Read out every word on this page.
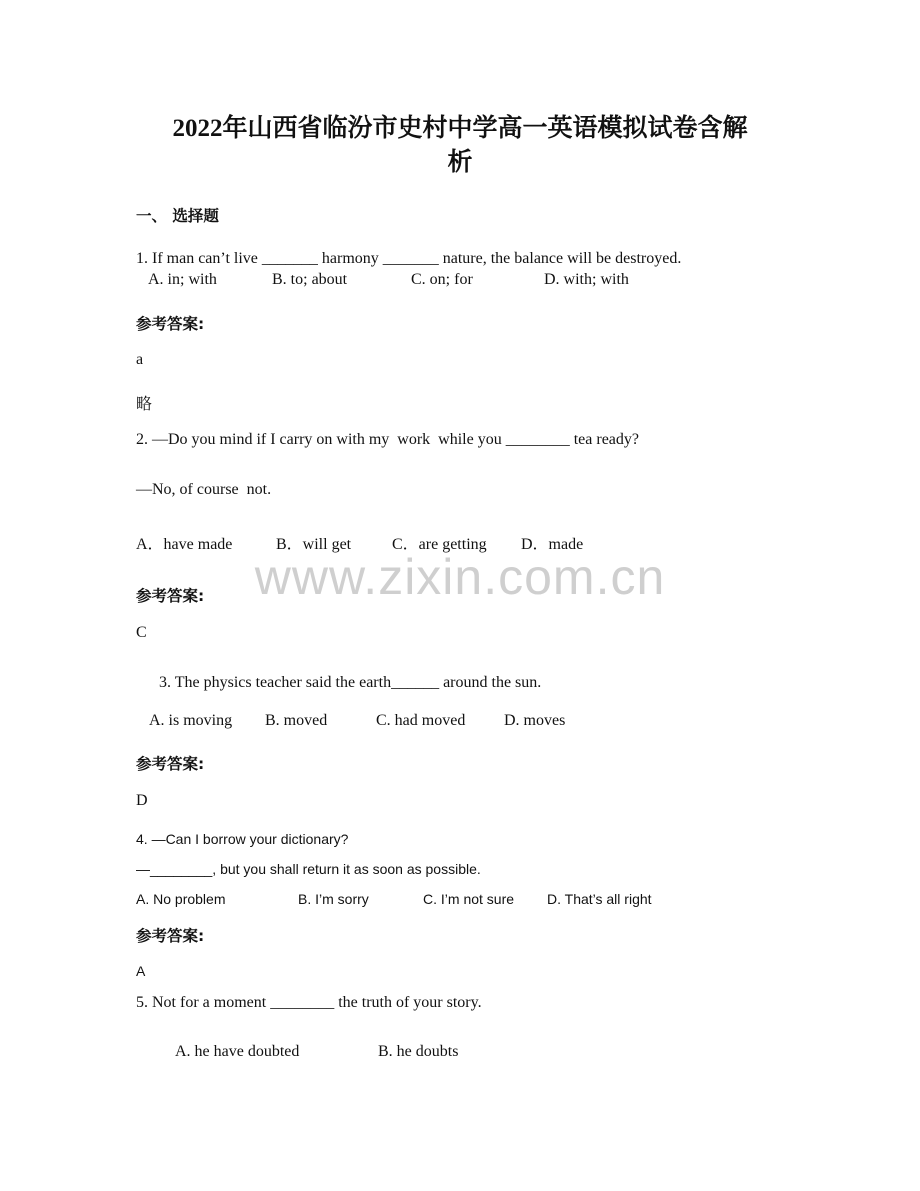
www.zixin.com.cn
2022年山西省临汾市史村中学高一英语模拟试卷含解
析
一、 选择题
1. If man can’t live _______ harmony _______ nature, the balance will be destroyed.
A. in; with	B. to; about	C. on; for	D. with; with
参考答案:
a
略
2. —Do you mind if I carry on with my  work  while you ________ tea ready?
—No, of course  not.
A．have made	B．will get	C．are getting D．made
参考答案:
C
3. The physics teacher said the earth______ around the sun.
A. is moving B. moved	C. had moved D. moves
参考答案:
D
4. —Can I borrow your dictionary?
—________, but you shall return it as soon as possible.
A. No problem	B. I’m sorry	C. I’m not sure D. That’s all right
参考答案:
A
5. Not for a moment ________ the truth of your story.
A. he have doubted	B. he doubts
